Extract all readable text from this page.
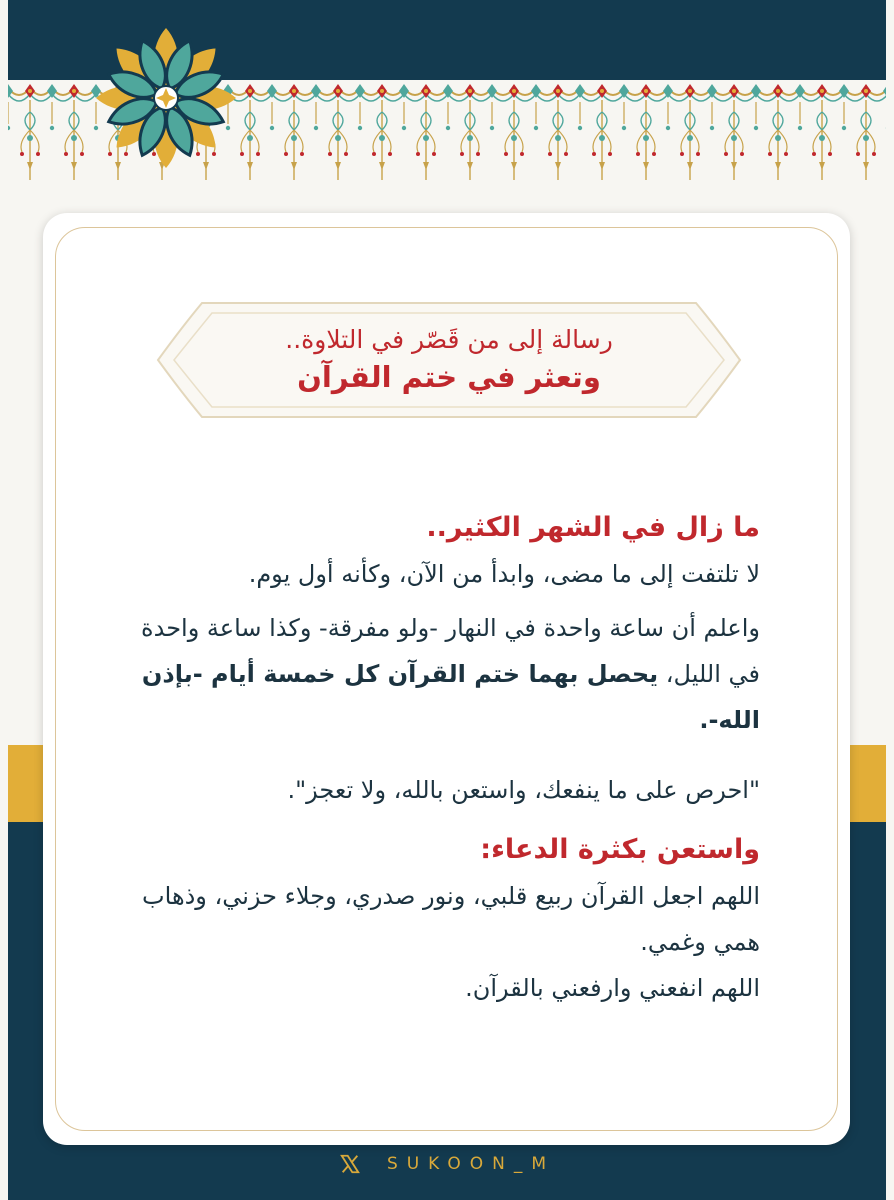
رسالة إلى من قَصّر في التلاوة..
وتعثر في ختم القرآن
ما زال في الشهر الكثير..
لا تلتفت إلى ما مضى، وابدأ من الآن، وكأنه أول يوم.
واعلم أن ساعة واحدة في النهار -ولو مفرقة- وكذا ساعة واحدة في الليل، يحصل بهما ختم القرآن كل خمسة أيام -بإذن الله-.
"احرص على ما ينفعك، واستعن بالله، ولا تعجز".
واستعن بكثرة الدعاء:
اللهم اجعل القرآن ربيع قلبي، ونور صدري، وجلاء حزني، وذهاب همي وغمي.
اللهم انفعني وارفعني بالقرآن.
SUKOON_M
